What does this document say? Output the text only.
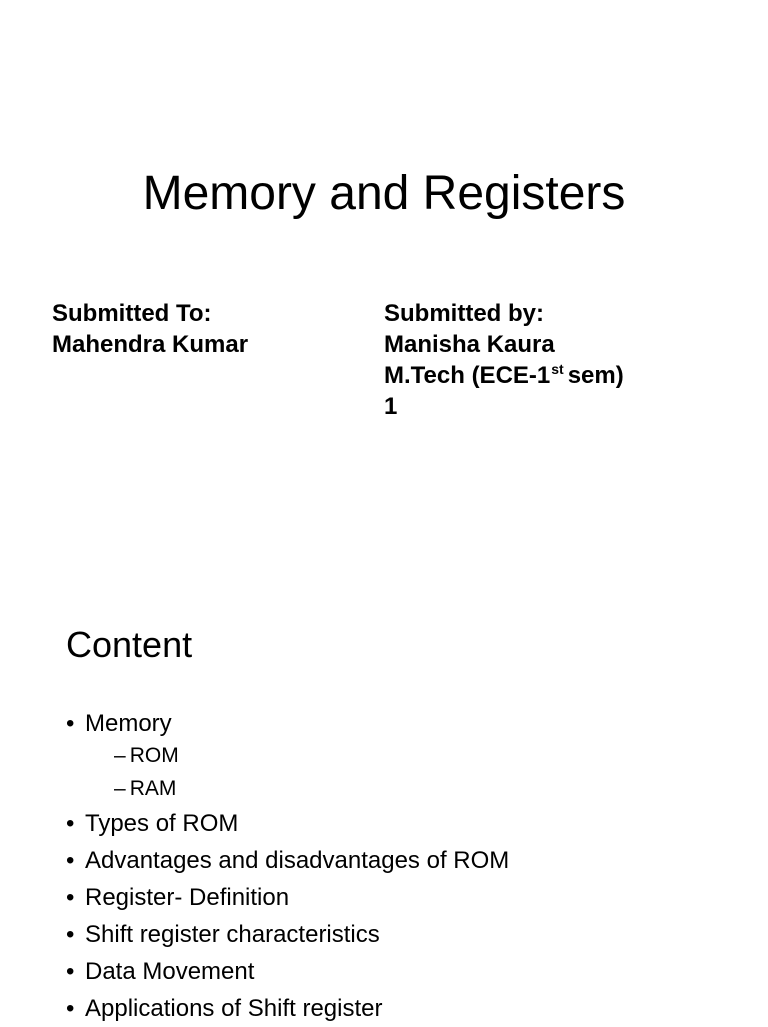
Memory and Registers
Submitted To:
Mahendra Kumar
Submitted by:
Manisha Kaura
M.Tech (ECE-1st sem)
1
Content
• Memory
– ROM
– RAM
• Types of ROM
• Advantages and disadvantages of ROM
• Register- Definition
• Shift register characteristics
• Data Movement
• Applications of Shift register
